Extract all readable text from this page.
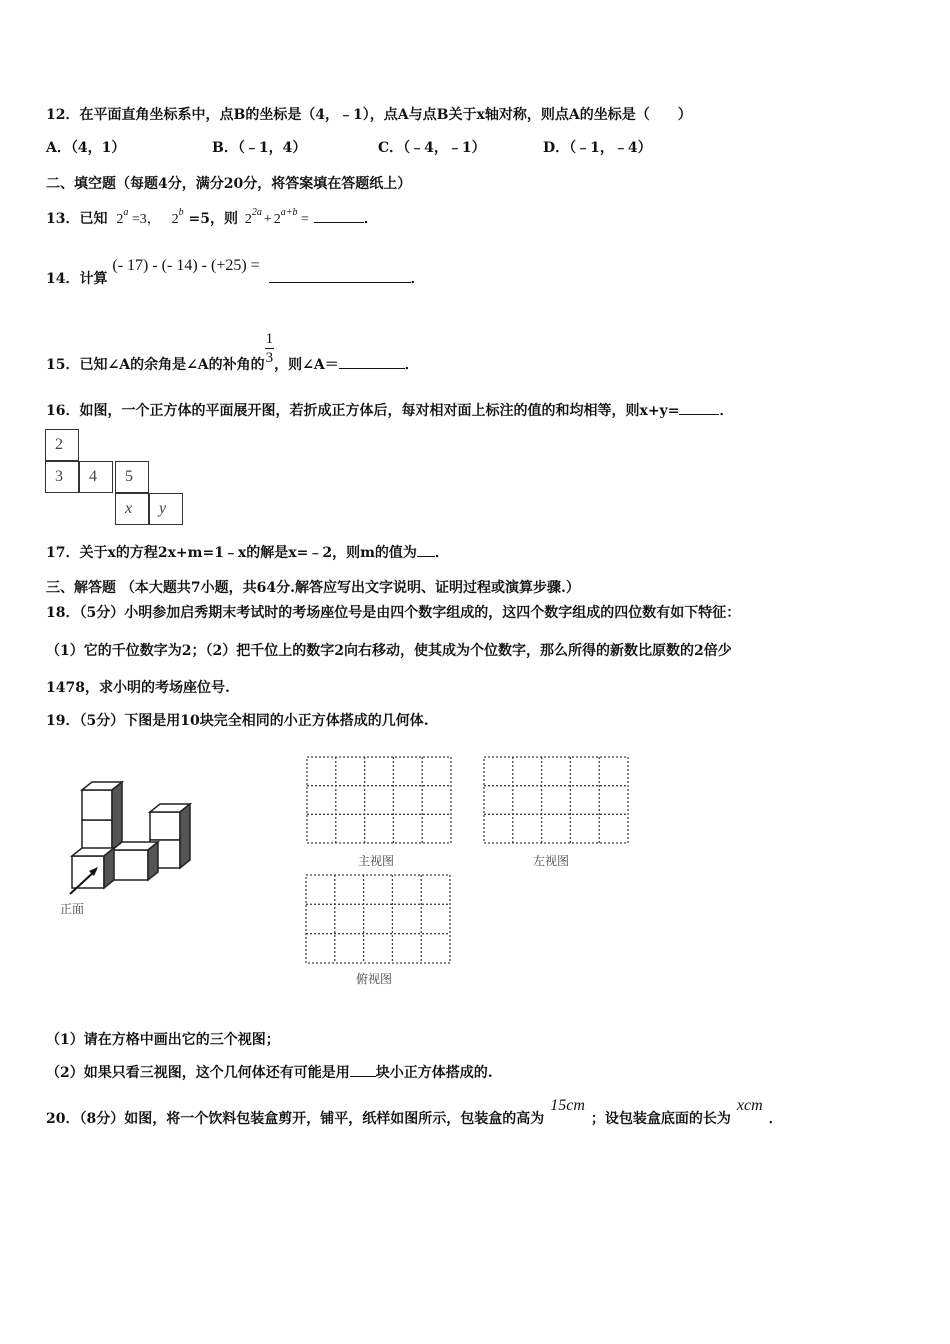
12．在平面直角坐标系中，点B的坐标是（4，﹣1），点A与点B关于x轴对称，则点A的坐标是（　　）
A．（4，1）	B．（﹣1，4）	C．（﹣4，﹣1）	D．（﹣1，﹣4）
二、填空题（每题4分，满分20分，将答案填在答题纸上）
13．已知 $2^a =3$， $2^b =5$，则 $2^{2a} + 2^{a+b}$ =	．
14．计算 (- 17) - (- 14) - (+25) = ．
15．已知∠A的余角是∠A的补角的 $\frac{1}{3}$ ，则∠A＝	．
16．如图，一个正方体的平面展开图，若折成正方体后，每对相对面上标注的值的和均相等，则x+y=	．
2
3	4	5
x	y
17．关于x的方程2x+m=1﹣x的解是x=﹣2，则m的值为 ．
三、解答题 （本大题共7小题，共64分.解答应写出文字说明、证明过程或演算步骤.）
18．（5分）小明参加启秀期末考试时的考场座位号是由四个数字组成的，这四个数字组成的四位数有如下特征：
（1）它的千位数字为2；（2）把千位上的数字2向右移动，使其成为个位数字，那么所得的新数比原数的2倍少
1478，求小明的考场座位号.
19．（5分）下图是用10块完全相同的小正方体搭成的几何体.
正面
主视图	左视图
俯视图
（1）请在方格中画出它的三个视图；
（2）如果只看三视图，这个几何体还有可能是用 块小正方体搭成的.
20．（8分）如图，将一个饮料包装盒剪开，铺平，纸样如图所示，包装盒的高为15cm；设包装盒底面的长为xcm．
